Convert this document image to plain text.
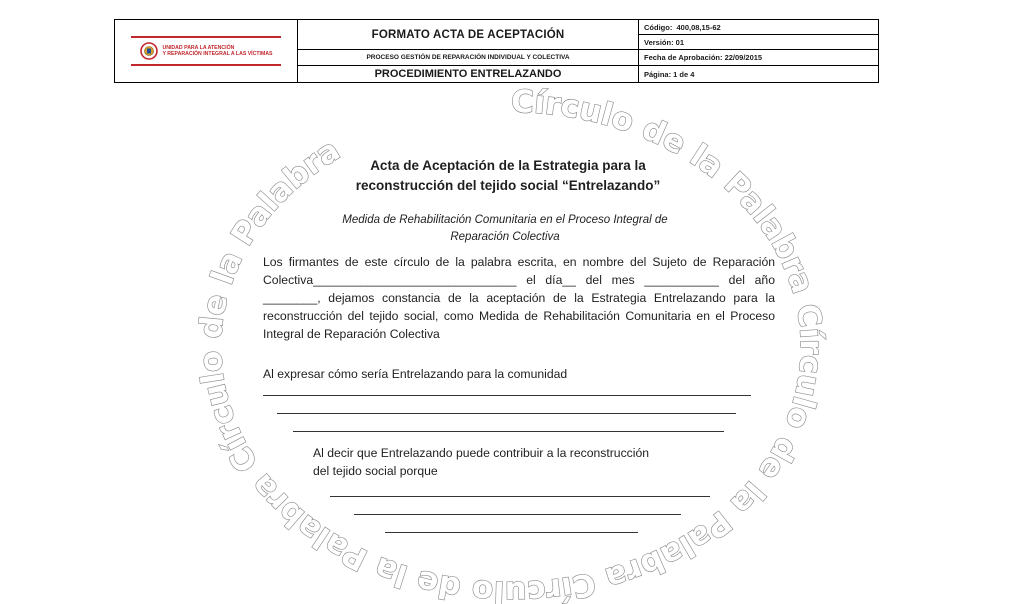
UNIDAD PARA LA ATENCIÓN
Y REPARACIÓN INTEGRAL A LAS VÍCTIMAS
FORMATO ACTA DE ACEPTACIÓN
PROCESO GESTIÓN DE REPARACIÓN INDIVIDUAL Y COLECTIVA
PROCEDIMIENTO ENTRELAZANDO
Código:  400,08,15-62
Versión: 01
Fecha de Aprobación: 22/09/2015
Página: 1 de 4
Círculo de la Palabra Círculo de la Palabra Círculo de la Palabra Círculo de la Palabra	Acta de Aceptación de la Estrategia para la
reconstrucción del tejido social “Entrelazando”
Medida de Rehabilitación Comunitaria en el Proceso Integral de
Reparación Colectiva
Los firmantes de este círculo de la palabra escrita, en nombre del Sujeto de Reparación Colectiva______________________________ el día__ del mes ___________ del año ________, dejamos constancia de la aceptación de la Estrategia Entrelazando para la reconstrucción del tejido social, como Medida de Rehabilitación Comunitaria en el Proceso Integral de Reparación Colectiva
Al expresar cómo sería Entrelazando para la comunidad
Al decir que Entrelazando puede contribuir a la reconstrucción
del tejido social porque
